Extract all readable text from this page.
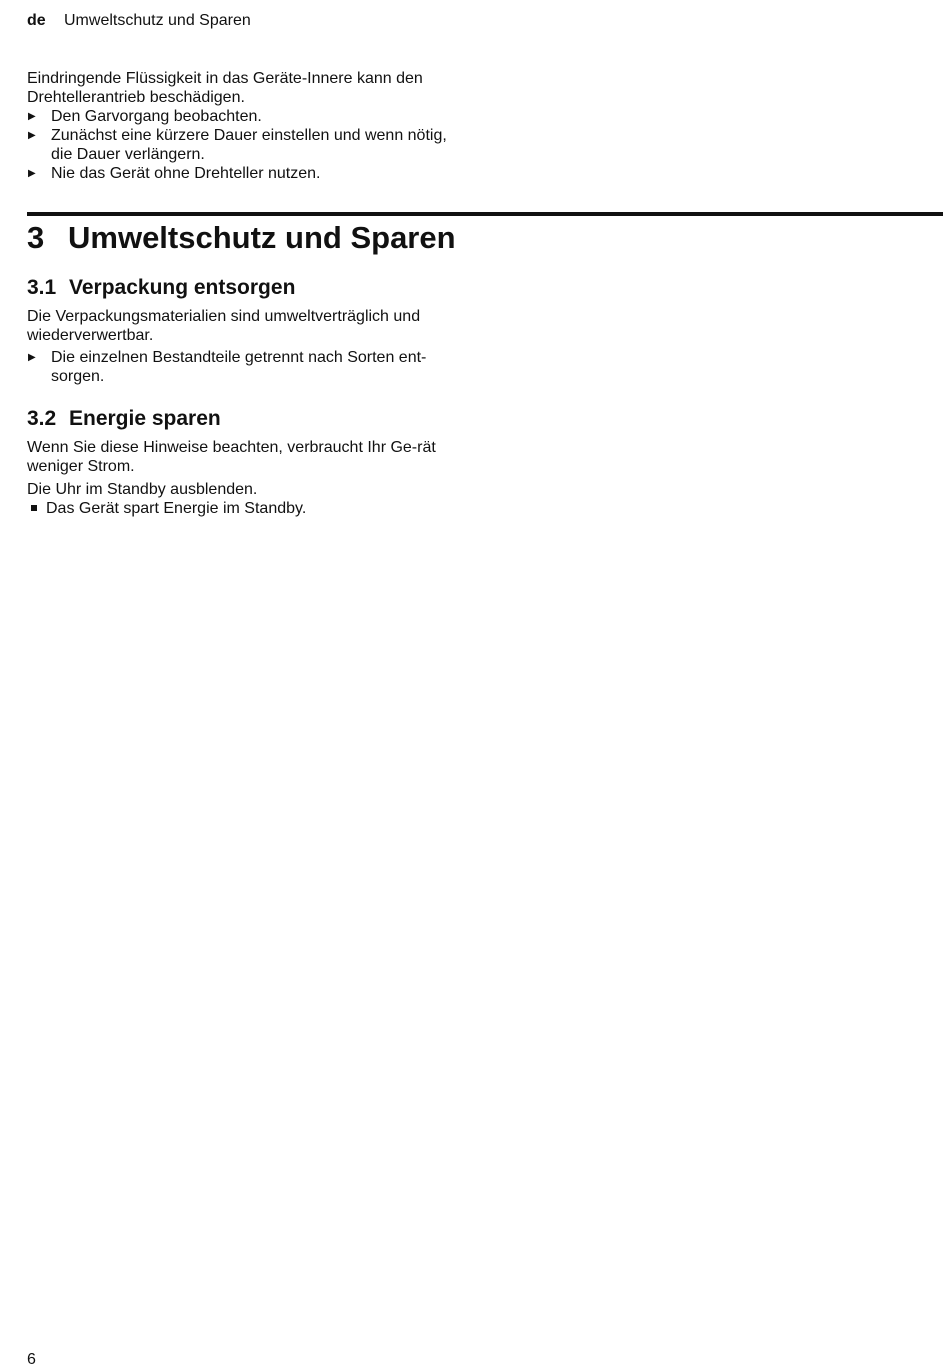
de Umweltschutz und Sparen

Eindringende Flüssigkeit in das Geräte-Innere kann den Drehtellerantrieb beschädigen.

▶ Den Garvorgang beobachten.
▶ Zunächst eine kürzere Dauer einstellen und wenn nötig, die Dauer verlängern.
▶ Nie das Gerät ohne Drehteller nutzen.
3 Umweltschutz und Sparen
3.1 Verpackung entsorgen

Die Verpackungsmaterialien sind umweltverträglich und wiederverwertbar.

▶ Die einzelnen Bestandteile getrennt nach Sorten ent-sorgen.
3.2 Energie sparen

Wenn Sie diese Hinweise beachten, verbraucht Ihr Ge-rät weniger Strom.

Die Uhr im Standby ausblenden.

Das Gerät spart Energie im Standby.
6
